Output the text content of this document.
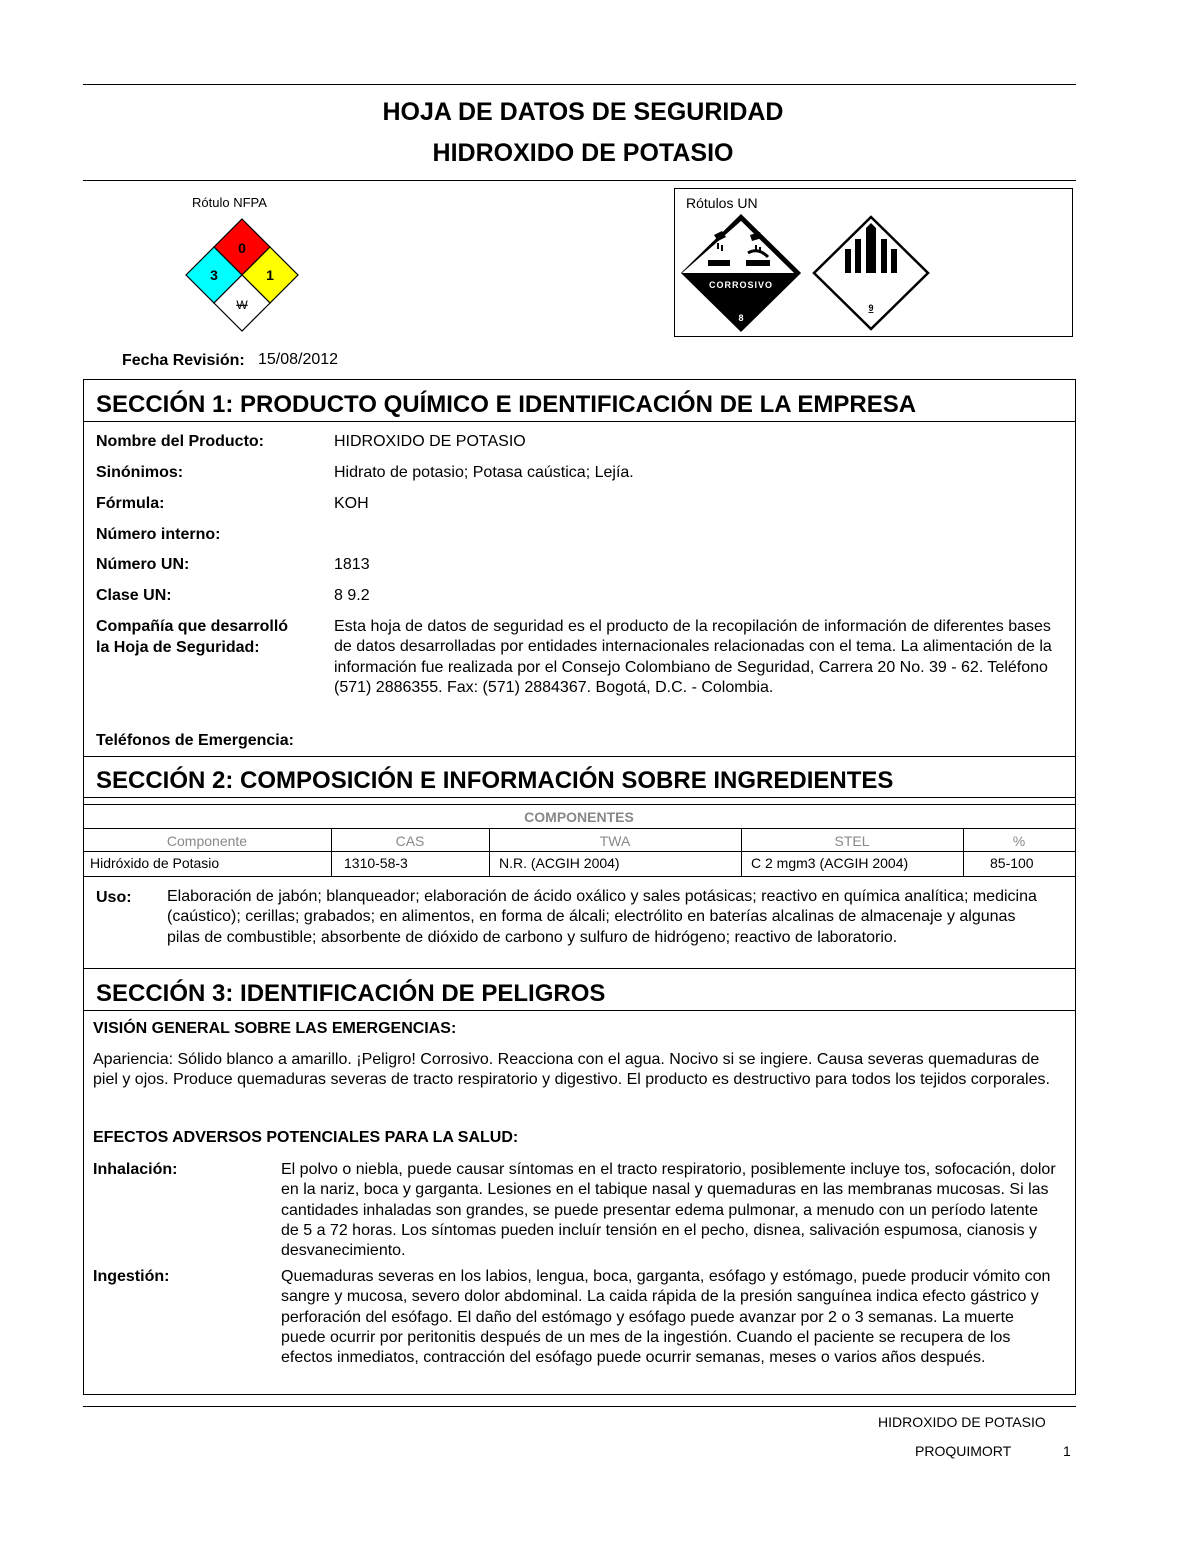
HOJA DE DATOS DE SEGURIDAD
HIDROXIDO DE POTASIO
Rótulo NFPA
0
3	1
W
Rótulos UN
CORROSIVO
8
9
Fecha Revisión: 15/08/2012
SECCIÓN 1: PRODUCTO QUÍMICO E IDENTIFICACIÓN DE LA EMPRESA
Nombre del Producto:	HIDROXIDO DE POTASIO
Sinónimos:	Hidrato de potasio; Potasa caústica; Lejía.
Fórmula:	KOH
Número interno:
Número UN:	1813
Clase UN:	8 9.2
Compañía que desarrolló
la Hoja de Seguridad:
Esta hoja de datos de seguridad es el producto de la recopilación de información de diferentes bases de datos desarrolladas por entidades internacionales relacionadas con el tema. La alimentación de la información fue realizada por el Consejo Colombiano de Seguridad, Carrera 20 No. 39 - 62. Teléfono (571) 2886355. Fax: (571) 2884367. Bogotá, D.C. - Colombia.
Teléfonos de Emergencia:
SECCIÓN 2: COMPOSICIÓN E INFORMACIÓN SOBRE INGREDIENTES
COMPONENTES
Componente	CAS	TWA	STEL	%
Hidróxido de Potasio	1310-58-3	N.R. (ACGIH 2004)	C 2 mgm3 (ACGIH 2004)	85-100
Uso: Elaboración de jabón; blanqueador; elaboración de ácido oxálico y sales potásicas; reactivo en química analítica; medicina (caústico); cerillas; grabados; en alimentos, en forma de álcali; electrólito en baterías alcalinas de almacenaje y algunas pilas de combustible; absorbente de dióxido de carbono y sulfuro de hidrógeno; reactivo de laboratorio.
SECCIÓN 3: IDENTIFICACIÓN DE PELIGROS
VISIÓN GENERAL SOBRE LAS EMERGENCIAS:
Apariencia: Sólido blanco a amarillo. ¡Peligro! Corrosivo. Reacciona con el agua. Nocivo si se ingiere. Causa severas quemaduras de piel y ojos. Produce quemaduras severas de tracto respiratorio y digestivo. El producto es destructivo para todos los tejidos corporales.
EFECTOS ADVERSOS POTENCIALES PARA LA SALUD:
Inhalación:	El polvo o niebla, puede causar síntomas en el tracto respiratorio, posiblemente incluye tos, sofocación, dolor en la nariz, boca y garganta. Lesiones en el tabique nasal y quemaduras en las membranas mucosas. Si las cantidades inhaladas son grandes, se puede presentar edema pulmonar, a menudo con un período latente de 5 a 72 horas. Los síntomas pueden incluír tensión en el pecho, disnea, salivación espumosa, cianosis y desvanecimiento.
Ingestión:	Quemaduras severas en los labios, lengua, boca, garganta, esófago y estómago, puede producir vómito con sangre y mucosa, severo dolor abdominal. La caida rápida de la presión sanguínea indica efecto gástrico y perforación del esófago. El daño del estómago y esófago puede avanzar por 2 o 3 semanas. La muerte puede ocurrir por peritonitis después de un mes de la ingestión. Cuando el paciente se recupera de los efectos inmediatos, contracción del esófago puede ocurrir semanas, meses o varios años después.
HIDROXIDO DE POTASIO
PROQUIMORT	1
